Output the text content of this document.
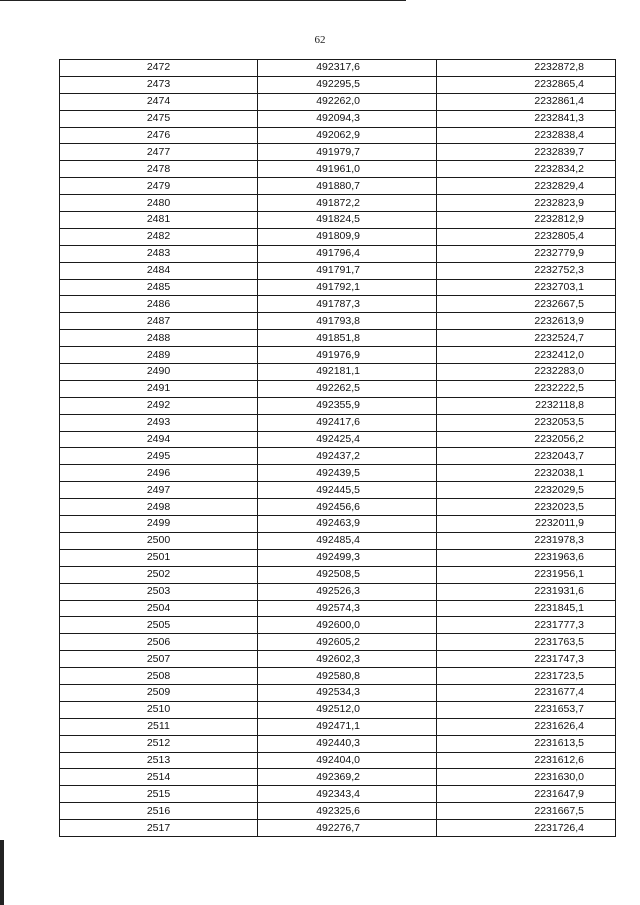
62
2472	492317,6	2232872,8
2473	492295,5	2232865,4
2474	492262,0	2232861,4
2475	492094,3	2232841,3
2476	492062,9	2232838,4
2477	491979,7	2232839,7
2478	491961,0	2232834,2
2479	491880,7	2232829,4
2480	491872,2	2232823,9
2481	491824,5	2232812,9
2482	491809,9	2232805,4
2483	491796,4	2232779,9
2484	491791,7	2232752,3
2485	491792,1	2232703,1
2486	491787,3	2232667,5
2487	491793,8	2232613,9
2488	491851,8	2232524,7
2489	491976,9	2232412,0
2490	492181,1	2232283,0
2491	492262,5	2232222,5
2492	492355,9	2232118,8
2493	492417,6	2232053,5
2494	492425,4	2232056,2
2495	492437,2	2232043,7
2496	492439,5	2232038,1
2497	492445,5	2232029,5
2498	492456,6	2232023,5
2499	492463,9	2232011,9
2500	492485,4	2231978,3
2501	492499,3	2231963,6
2502	492508,5	2231956,1
2503	492526,3	2231931,6
2504	492574,3	2231845,1
2505	492600,0	2231777,3
2506	492605,2	2231763,5
2507	492602,3	2231747,3
2508	492580,8	2231723,5
2509	492534,3	2231677,4
2510	492512,0	2231653,7
2511	492471,1	2231626,4
2512	492440,3	2231613,5
2513	492404,0	2231612,6
2514	492369,2	2231630,0
2515	492343,4	2231647,9
2516	492325,6	2231667,5
2517	492276,7	2231726,4
